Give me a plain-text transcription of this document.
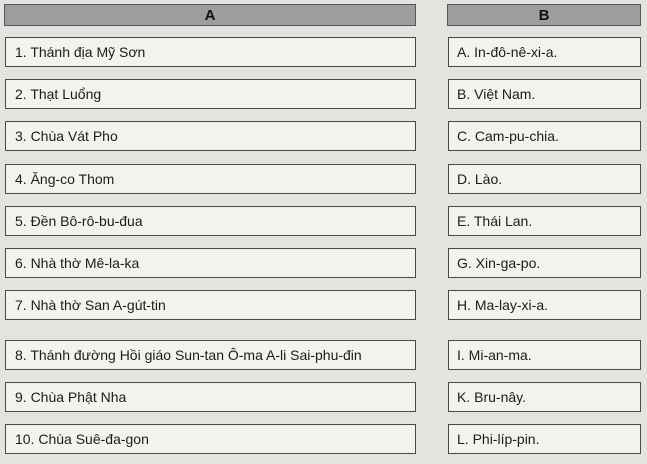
A	B
1. Thánh địa Mỹ Sơn
2. Thạt Luổng
3. Chùa Vát Pho
4. Ăng-co Thom
5. Đền Bô-rô-bu-đua
6. Nhà thờ Mê-la-ka
7. Nhà thờ San A-gút-tin
8. Thánh đường Hồi giáo Sun-tan Ô-ma A-li Sai-phu-đin
9. Chùa Phật Nha
10. Chùa Suê-đa-gon
A. In-đô-nê-xi-a.
B. Việt Nam.
C. Cam-pu-chia.
D. Lào.
E. Thái Lan.
G. Xin-ga-po.
H. Ma-lay-xi-a.
I. Mi-an-ma.
K. Bru-nây.
L. Phi-líp-pin.
